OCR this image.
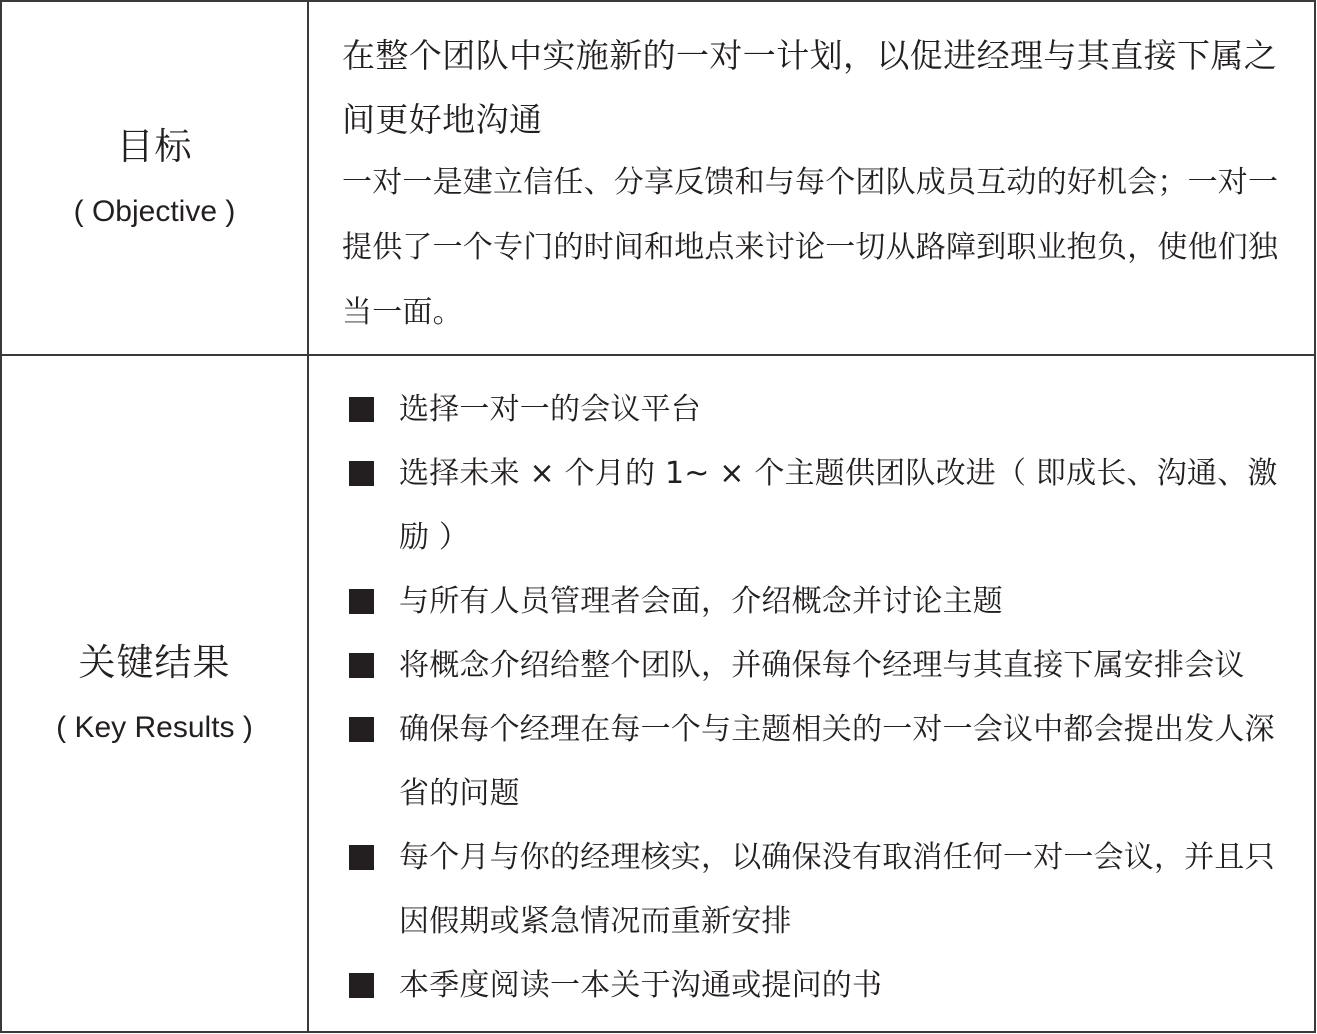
目标
( Objective )
在整个团队中实施新的一对一计划，以促进经理与其直接下属之间更好地沟通
一对一是建立信任、分享反馈和与每个团队成员互动的好机会；一对一提供了一个专门的时间和地点来讨论一切从路障到职业抱负，使他们独当一面。
关键结果
( Key Results )
选择一对一的会议平台
选择未来 × 个月的 1~ × 个主题供团队改进（ 即成长、沟通、激励 ）
与所有人员管理者会面，介绍概念并讨论主题
将概念介绍给整个团队，并确保每个经理与其直接下属安排会议
确保每个经理在每一个与主题相关的一对一会议中都会提出发人深省的问题
每个月与你的经理核实，以确保没有取消任何一对一会议，并且只因假期或紧急情况而重新安排
本季度阅读一本关于沟通或提问的书
